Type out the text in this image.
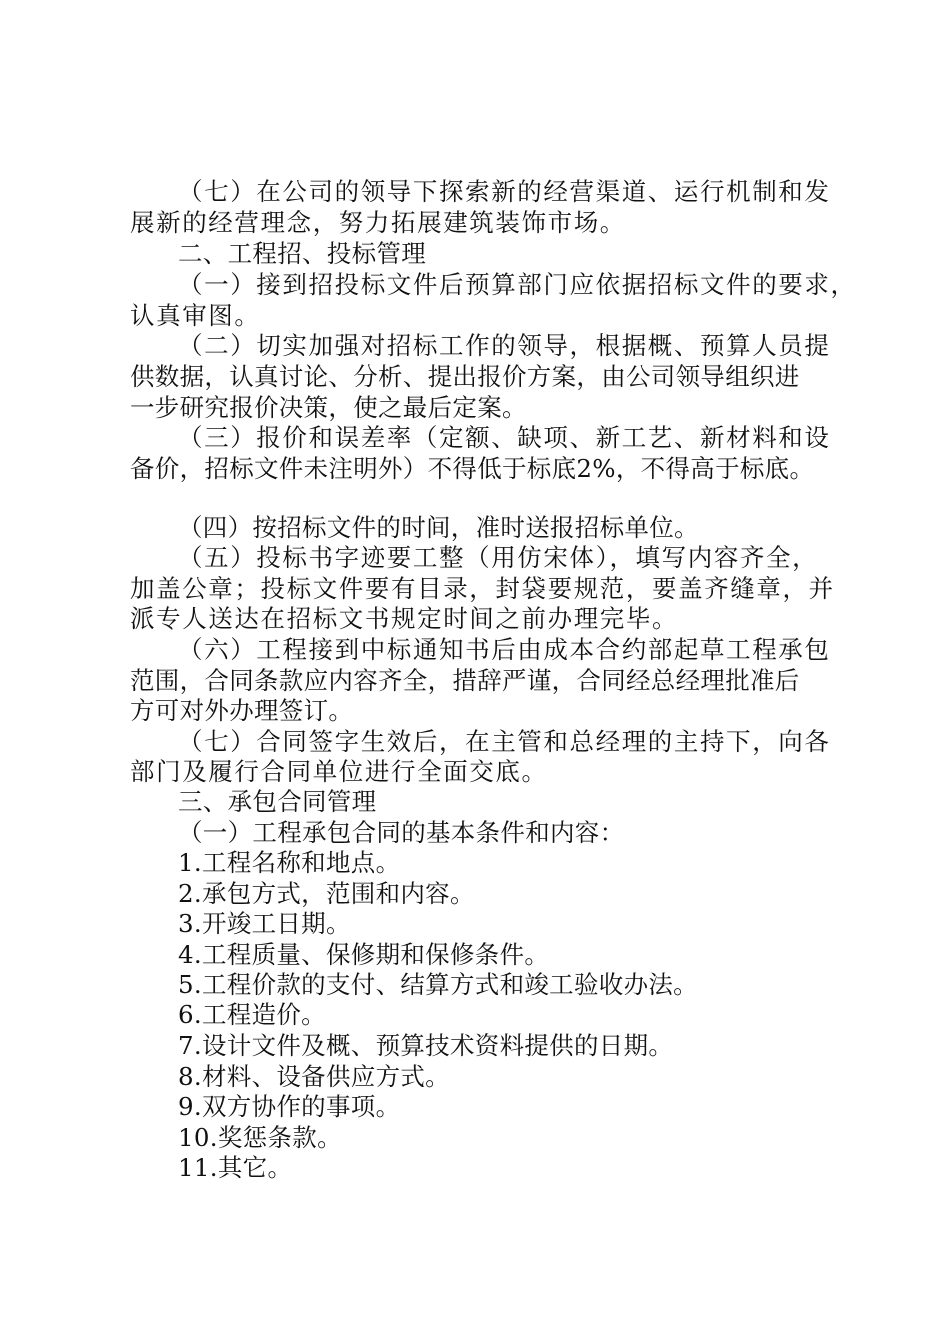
（七）在公司的领导下探索新的经营渠道、运行机制和发
展新的经营理念，努力拓展建筑装饰市场。
二、工程招、投标管理
（一）接到招投标文件后预算部门应依据招标文件的要求，
认真审图。
（二）切实加强对招标工作的领导，根据概、预算人员提
供数据，认真讨论、分析、提出报价方案，由公司领导组织进
一步研究报价决策，使之最后定案。
（三）报价和误差率（定额、缺项、新工艺、新材料和设
备价，招标文件未注明外）不得低于标底2%，不得高于标底。
（四）按招标文件的时间，准时送报招标单位。
（五）投标书字迹要工整（用仿宋体），填写内容齐全，
加盖公章；投标文件要有目录，封袋要规范，要盖齐缝章，并
派专人送达在招标文书规定时间之前办理完毕。
（六）工程接到中标通知书后由成本合约部起草工程承包
范围，合同条款应内容齐全，措辞严谨，合同经总经理批准后
方可对外办理签订。
（七）合同签字生效后，在主管和总经理的主持下，向各
部门及履行合同单位进行全面交底。
三、承包合同管理
（一）工程承包合同的基本条件和内容：
1.工程名称和地点。
2.承包方式，范围和内容。
3.开竣工日期。
4.工程质量、保修期和保修条件。
5.工程价款的支付、结算方式和竣工验收办法。
6.工程造价。
7.设计文件及概、预算技术资料提供的日期。
8.材料、设备供应方式。
9.双方协作的事项。
10.奖惩条款。
11.其它。
